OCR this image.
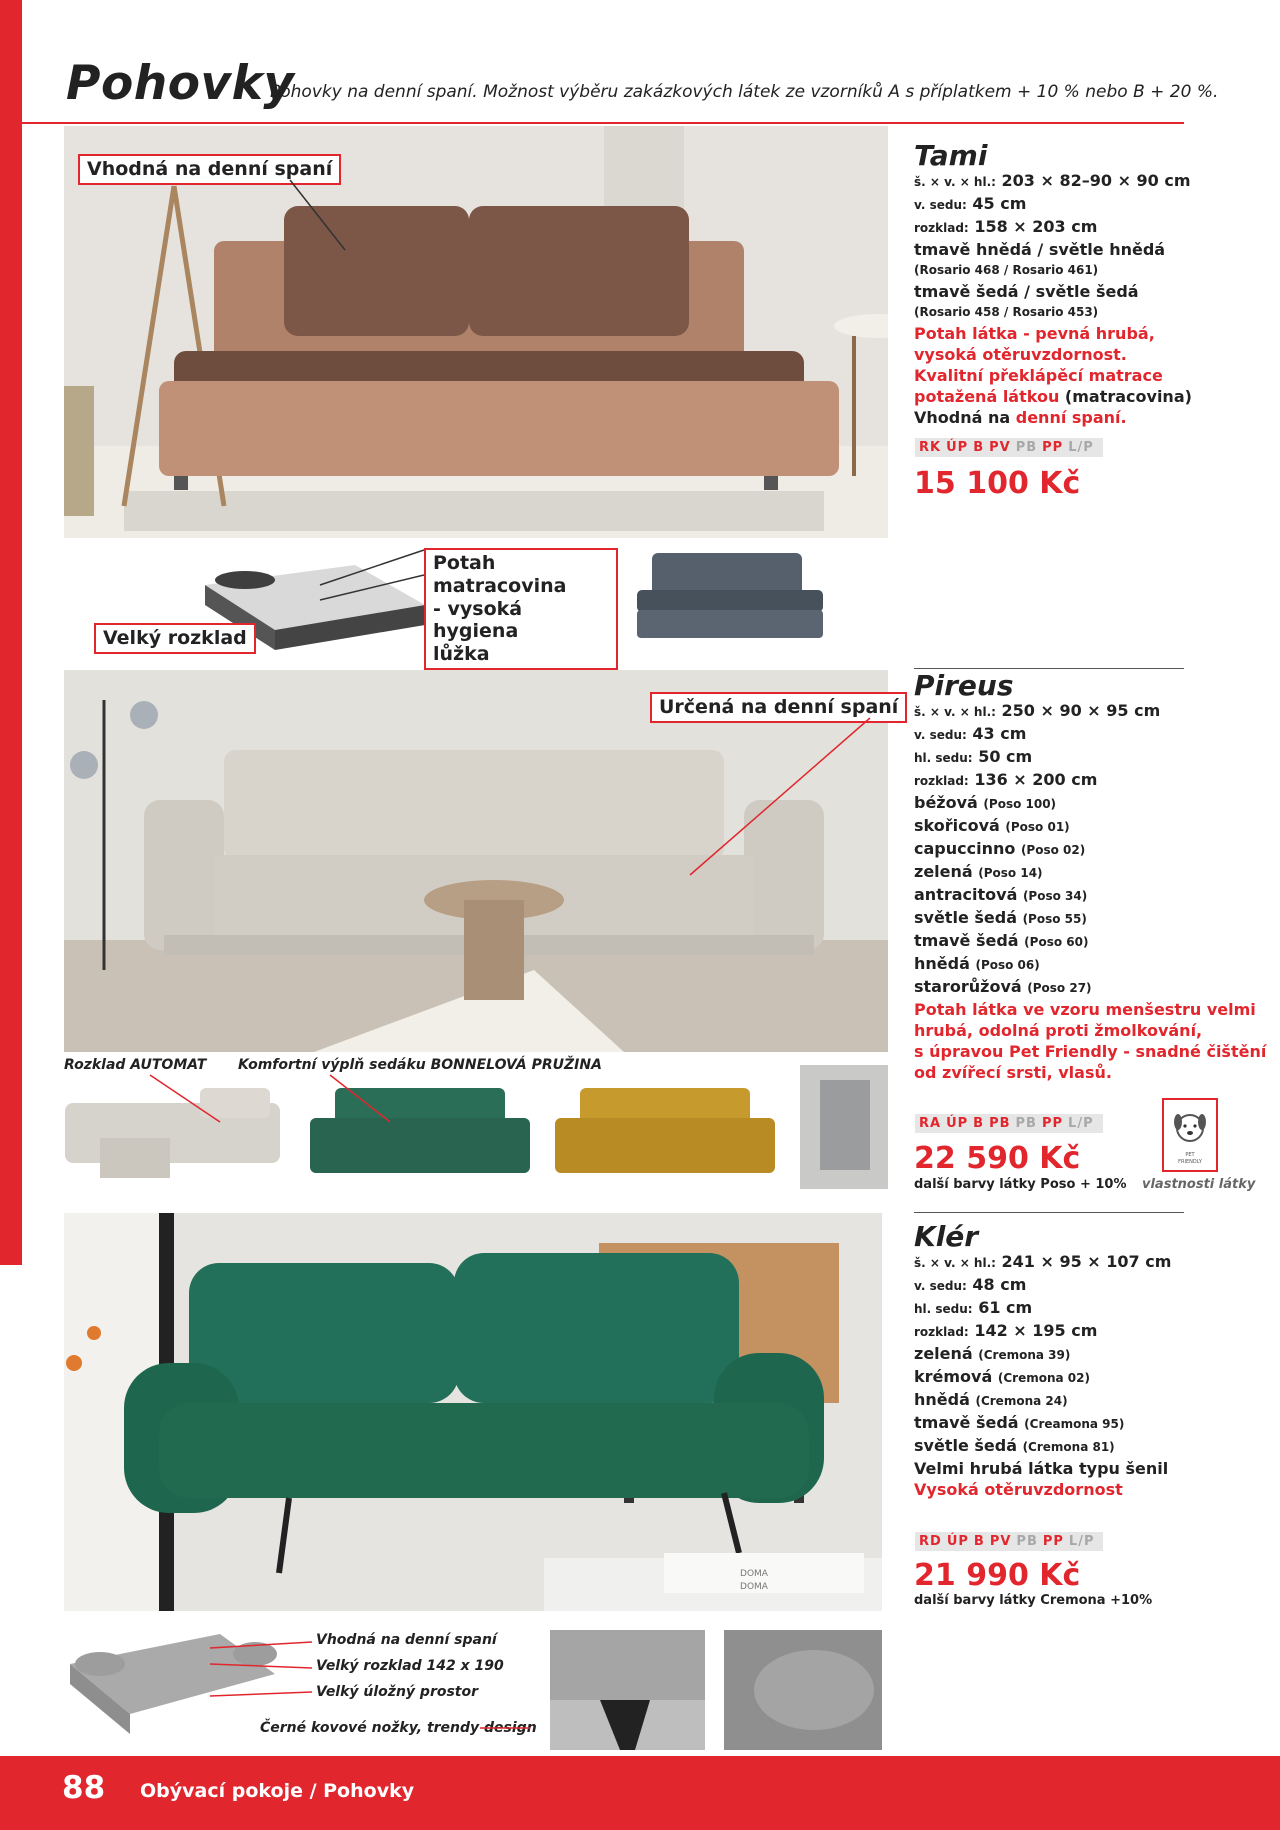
Pohovky
Pohovky na denní spaní. Možnost výběru zakázkových látek ze vzorníků A s příplatkem + 10 % nebo B + 20 %.
Vhodná na denní spaní
Velký rozklad
Potah
matracovina
- vysoká hygiena
lůžka
Tami
š. × v. × hl.: 203 × 82–90 × 90 cm
v. sedu: 45 cm
rozklad: 158 × 203 cm
tmavě hnědá / světle hnědá
(Rosario 468 / Rosario 461)
tmavě šedá / světle šedá
(Rosario 458 / Rosario 453)
Potah látka - pevná hrubá,
vysoká otěruvzdornost.
Kvalitní překlápěcí matrace
potažená látkou (matracovina)
Vhodná na denní spaní.
RK ÚP B PV PB PP L/P
15 100 Kč
Určená na denní spaní
Rozklad AUTOMAT Komfortní výplň sedáku BONNELOVÁ PRUŽINA
Pireus
š. × v. × hl.: 250 × 90 × 95 cm
v. sedu: 43 cm
hl. sedu: 50 cm
rozklad: 136 × 200 cm
béžová (Poso 100)
skořicová (Poso 01)
capuccinno (Poso 02)
zelená (Poso 14)
antracitová (Poso 34)
světle šedá (Poso 55)
tmavě šedá (Poso 60)
hnědá (Poso 06)
starorůžová (Poso 27)
Potah látka ve vzoru menšestru velmi
hrubá, odolná proti žmolkování,
s úpravou Pet Friendly - snadné čištění
od zvířecí srsti, vlasů.
RA ÚP B PB PB PP L/P
22 590 Kč
další barvy látky Poso + 10%
PET
FRIENDLY
vlastnosti látky
DOMA
DOMA
Vhodná na denní spaní
Velký rozklad 142 x 190
Velký úložný prostor
Černé kovové nožky, trendy design
Klér
š. × v. × hl.: 241 × 95 × 107 cm
v. sedu: 48 cm
hl. sedu: 61 cm
rozklad: 142 × 195 cm
zelená (Cremona 39)
krémová (Cremona 02)
hnědá (Cremona 24)
tmavě šedá (Creamona 95)
světle šedá (Cremona 81)
Velmi hrubá látka typu šenil
Vysoká otěruvzdornost
RD ÚP B PV PB PP L/P
21 990 Kč
další barvy látky Cremona +10%
88 Obývací pokoje / Pohovky
